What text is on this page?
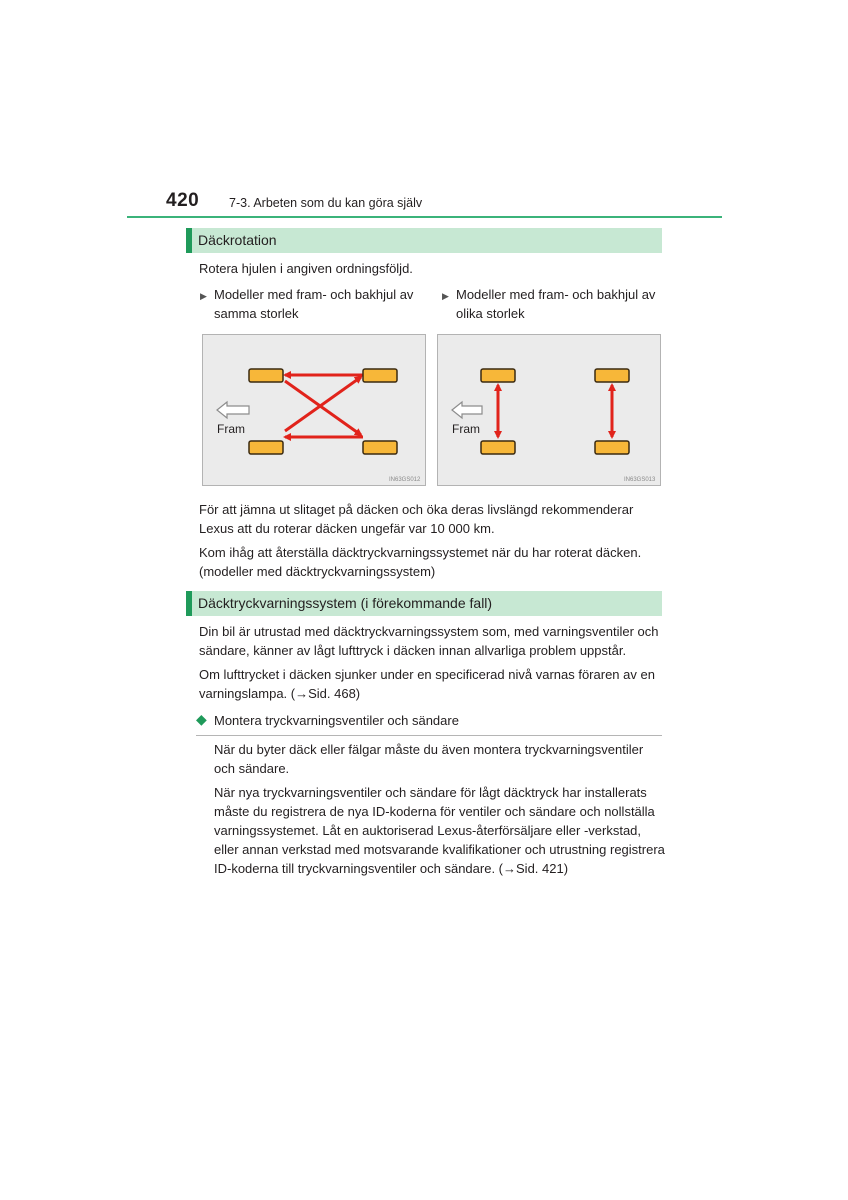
420 7-3. Arbeten som du kan göra själv
Däckrotation
Rotera hjulen i angiven ordningsföljd.
▶ Modeller med fram- och bakhjul av
samma storlek
▶ Modeller med fram- och bakhjul av
olika storlek
Fram
IN63GS012
Fram
IN63GS013
För att jämna ut slitaget på däcken och öka deras livslängd rekommenderar
Lexus att du roterar däcken ungefär var 10 000 km.
Kom ihåg att återställa däcktryckvarningssystemet när du har roterat däcken.
(modeller med däcktryckvarningssystem)
Däcktryckvarningssystem (i förekommande fall)
Din bil är utrustad med däcktryckvarningssystem som, med varningsventiler och
sändare, känner av lågt lufttryck i däcken innan allvarliga problem uppstår.
Om lufttrycket i däcken sjunker under en specificerad nivå varnas föraren av en
varningslampa. (→Sid. 468)
◆ Montera tryckvarningsventiler och sändare
När du byter däck eller fälgar måste du även montera tryckvarningsventiler
och sändare.
När nya tryckvarningsventiler och sändare för lågt däcktryck har installerats
måste du registrera de nya ID-koderna för ventiler och sändare och nollställa
varningssystemet. Låt en auktoriserad Lexus-återförsäljare eller -verkstad,
eller annan verkstad med motsvarande kvalifikationer och utrustning registrera
ID-koderna till tryckvarningsventiler och sändare. (→Sid. 421)
